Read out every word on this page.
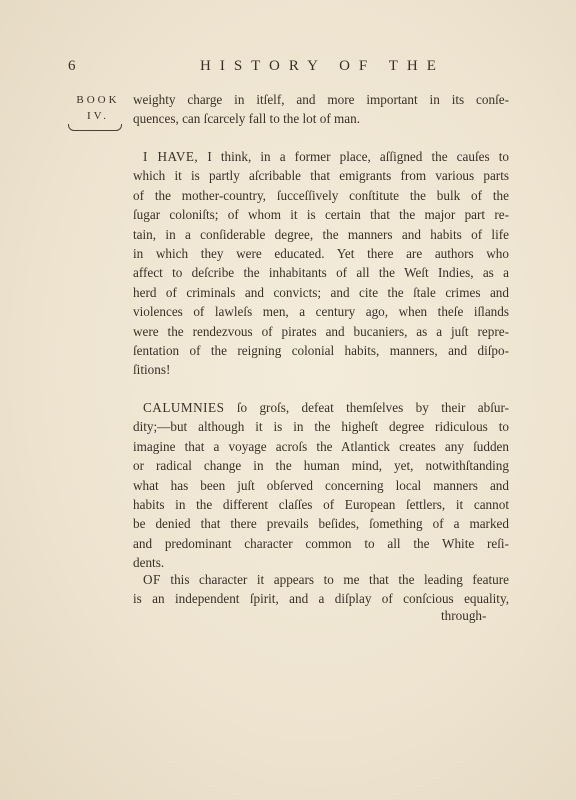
6	HISTORY OF THE
BOOK
IV.
weighty charge in itſelf, and more important in its conſe-
quences, can ſcarcely fall to the lot of man.
I HAVE, I think, in a former place, aſſigned the cauſes to
which it is partly aſcribable that emigrants from various parts
of the mother-country, ſucceſſively conſtitute the bulk of the
ſugar coloniſts; of whom it is certain that the major part re-
tain, in a conſiderable degree, the manners and habits of life
in which they were educated. Yet there are authors who
affect to deſcribe the inhabitants of all the Weſt Indies, as a
herd of criminals and convicts; and cite the ſtale crimes and
violences of lawleſs men, a century ago, when theſe iſlands
were the rendezvous of pirates and bucaniers, as a juſt repre-
ſentation of the reigning colonial habits, manners, and diſpo-
ſitions!
CALUMNIES ſo groſs, defeat themſelves by their abſur-
dity;—but although it is in the higheſt degree ridiculous to
imagine that a voyage acroſs the Atlantick creates any ſudden
or radical change in the human mind, yet, notwithſtanding
what has been juſt obſerved concerning local manners and
habits in the different claſſes of European ſettlers, it cannot
be denied that there prevails beſides, ſomething of a marked
and predominant character common to all the White reſi-
dents.
OF this character it appears to me that the leading feature
is an independent ſpirit, and a diſplay of conſcious equality,
through-
